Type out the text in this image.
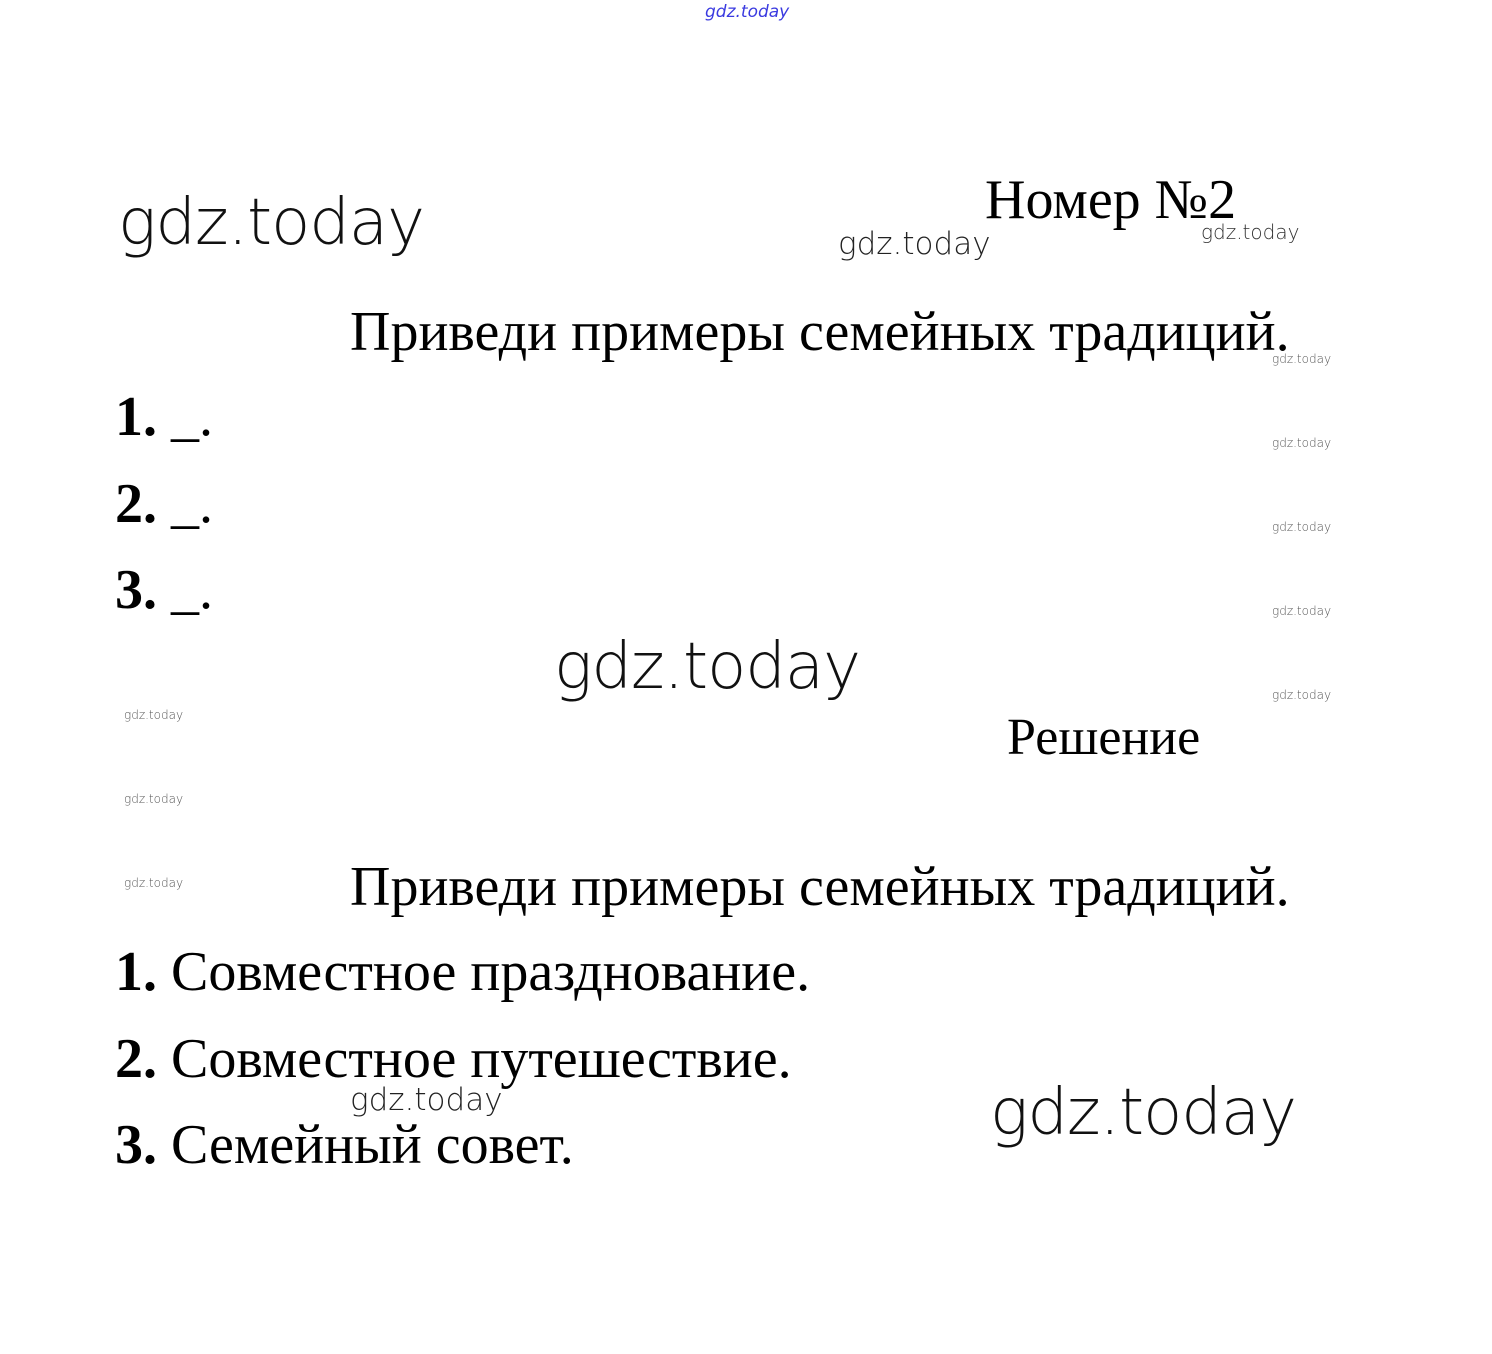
gdz.today
gdz.today	gdz.today	gdz.today
gdz.today
gdz.today
gdz.today
gdz.today
gdz.today
gdz.today
gdz.today
gdz.today
gdz.today
gdz.today	gdz.today
Номер №2
Приведи примеры семейных традиций.
1. _.
2. _.
3. _.
Решение
Приведи примеры семейных традиций.
1. Совместное празднование.
2. Совместное путешествие.
3. Семейный совет.
